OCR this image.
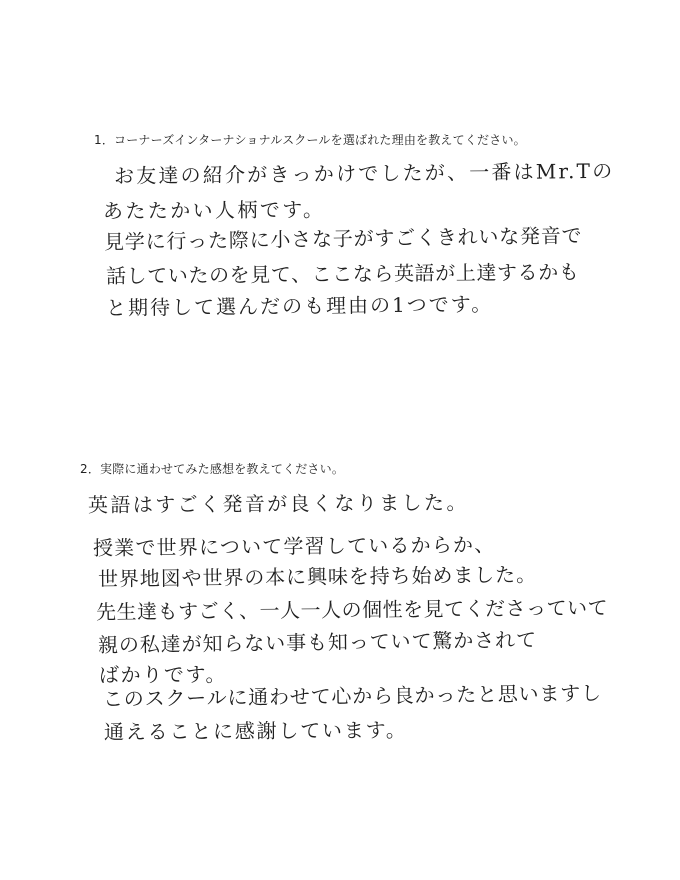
1．コーナーズインターナショナルスクールを選ばれた理由を教えてください。
お友達の紹介がきっかけでしたが、一番はMr.Tの
あたたかい人柄です。
見学に行った際に小さな子がすごくきれいな発音で
話していたのを見て、ここなら英語が上達するかも
と期待して選んだのも理由の1つです。
2．実際に通わせてみた感想を教えてください。
英語はすごく発音が良くなりました。
授業で世界について学習しているからか、
世界地図や世界の本に興味を持ち始めました。
先生達もすごく、一人一人の個性を見てくださっていて
親の私達が知らない事も知っていて驚かされて
ばかりです。
このスクールに通わせて心から良かったと思いますし
通えることに感謝しています。
